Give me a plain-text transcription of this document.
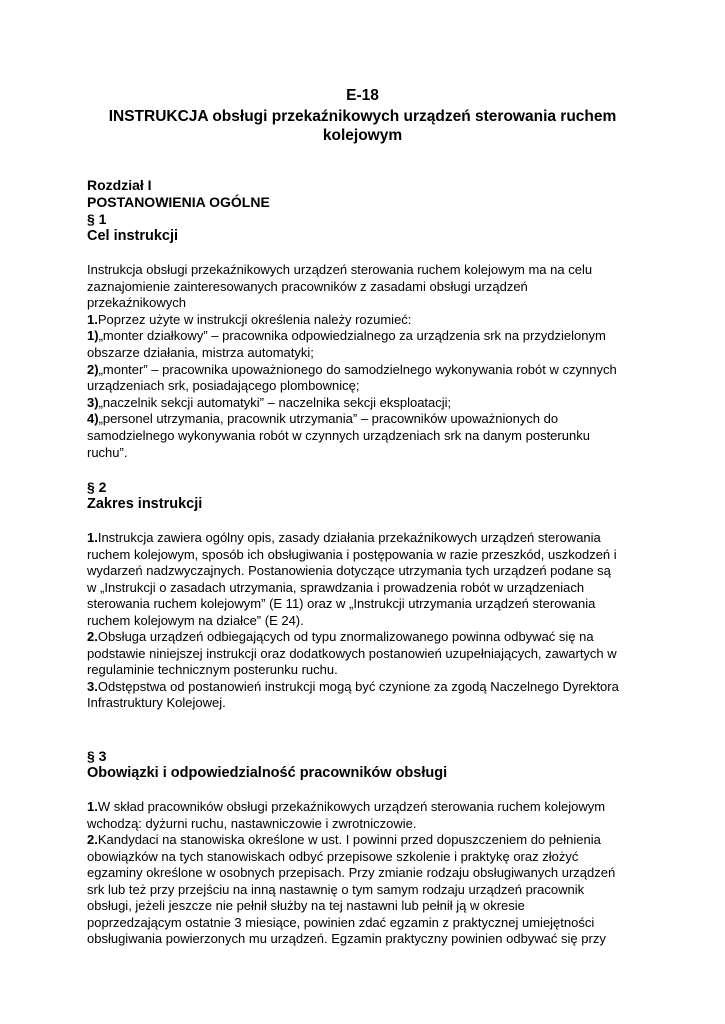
E-18
INSTRUKCJA obsługi przekaźnikowych urządzeń sterowania ruchem
kolejowym
Rozdział I
POSTANOWIENIA OGÓLNE
§ 1
Cel instrukcji
Instrukcja obsługi przekaźnikowych urządzeń sterowania ruchem kolejowym ma na celu
zaznajomienie zainteresowanych pracowników z zasadami obsługi urządzeń
przekaźnikowych
1.Poprzez użyte w instrukcji określenia należy rozumieć:
1)„monter działkowy” – pracownika odpowiedzialnego za urządzenia srk na przydzielonym
obszarze działania, mistrza automatyki;
2)„monter” – pracownika upoważnionego do samodzielnego wykonywania robót w czynnych
urządzeniach srk, posiadającego plombownicę;
3)„naczelnik sekcji automatyki” – naczelnika sekcji eksploatacji;
4)„personel utrzymania, pracownik utrzymania” – pracowników upoważnionych do
samodzielnego wykonywania robót w czynnych urządzeniach srk na danym posterunku
ruchu”.
§ 2
Zakres instrukcji
1.Instrukcja zawiera ogólny opis, zasady działania przekaźnikowych urządzeń sterowania
ruchem kolejowym, sposób ich obsługiwania i postępowania w razie przeszkód, uszkodzeń i
wydarzeń nadzwyczajnych. Postanowienia dotyczące utrzymania tych urządzeń podane są
w „Instrukcji o zasadach utrzymania, sprawdzania i prowadzenia robót w urządzeniach
sterowania ruchem kolejowym” (E 11) oraz w „Instrukcji utrzymania urządzeń sterowania
ruchem kolejowym na działce” (E 24).
2.Obsługa urządzeń odbiegających od typu znormalizowanego powinna odbywać się na
podstawie niniejszej instrukcji oraz dodatkowych postanowień uzupełniających, zawartych w
regulaminie technicznym posterunku ruchu.
3.Odstępstwa od postanowień instrukcji mogą być czynione za zgodą Naczelnego Dyrektora
Infrastruktury Kolejowej.
§ 3
Obowiązki i odpowiedzialność pracowników obsługi
1.W skład pracowników obsługi przekaźnikowych urządzeń sterowania ruchem kolejowym
wchodzą: dyżurni ruchu, nastawniczowie i zwrotniczowie.
2.Kandydaci na stanowiska określone w ust. I powinni przed dopuszczeniem do pełnienia
obowiązków na tych stanowiskach odbyć przepisowe szkolenie i praktykę oraz złożyć
egzaminy określone w osobnych przepisach. Przy zmianie rodzaju obsługiwanych urządzeń
srk lub też przy przejściu na inną nastawnię o tym samym rodzaju urządzeń pracownik
obsługi, jeżeli jeszcze nie pełnił służby na tej nastawni lub pełnił ją w okresie
poprzedzającym ostatnie 3 miesiące, powinien zdać egzamin z praktycznej umiejętności
obsługiwania powierzonych mu urządzeń. Egzamin praktyczny powinien odbywać się przy
